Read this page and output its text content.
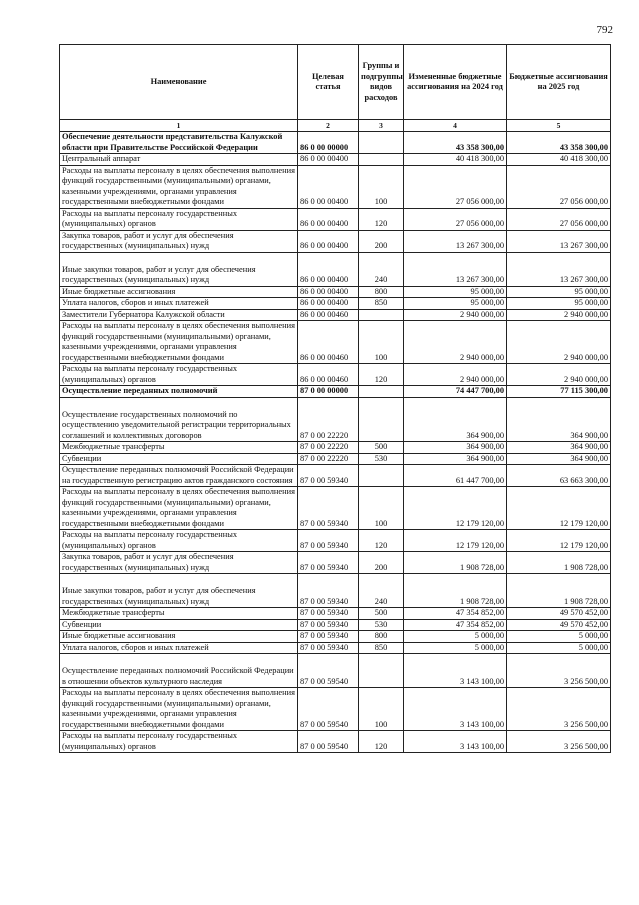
792
Наименование	Целевая статья	Группы и подгруппы видов расходов	Измененные бюджетные ассигнования на 2024 год	Бюджетные ассигнования на 2025 год
1	2	3	4	5
Обеспечение деятельности представительства Калужской области при Правительстве Российской Федерации	86 0 00 00000		43 358 300,00	43 358 300,00
Центральный аппарат	86 0 00 00400		40 418 300,00	40 418 300,00
Расходы на выплаты персоналу в целях обеспечения выполнения функций государственными (муниципальными) органами, казенными учреждениями, органами управления государственными внебюджетными фондами	86 0 00 00400	100	27 056 000,00	27 056 000,00
Расходы на выплаты персоналу государственных (муниципальных) органов	86 0 00 00400	120	27 056 000,00	27 056 000,00
Закупка товаров, работ и услуг для обеспечения государственных (муниципальных) нужд	86 0 00 00400	200	13 267 300,00	13 267 300,00
Иные закупки товаров, работ и услуг для обеспечения государственных (муниципальных) нужд	86 0 00 00400	240	13 267 300,00	13 267 300,00
Иные бюджетные ассигнования	86 0 00 00400	800	95 000,00	95 000,00
Уплата налогов, сборов и иных платежей	86 0 00 00400	850	95 000,00	95 000,00
Заместители Губернатора Калужской области	86 0 00 00460		2 940 000,00	2 940 000,00
Расходы на выплаты персоналу в целях обеспечения выполнения функций государственными (муниципальными) органами, казенными учреждениями, органами управления государственными внебюджетными фондами	86 0 00 00460	100	2 940 000,00	2 940 000,00
Расходы на выплаты персоналу государственных (муниципальных) органов	86 0 00 00460	120	2 940 000,00	2 940 000,00
Осуществление переданных полномочий	87 0 00 00000		74 447 700,00	77 115 300,00
Осуществление государственных полномочий по осуществлению уведомительной регистрации территориальных соглашений и коллективных договоров	87 0 00 22220		364 900,00	364 900,00
Межбюджетные трансферты	87 0 00 22220	500	364 900,00	364 900,00
Субвенции	87 0 00 22220	530	364 900,00	364 900,00
Осуществление переданных полномочий Российской Федерации на государственную регистрацию актов гражданского состояния	87 0 00 59340		61 447 700,00	63 663 300,00
Расходы на выплаты персоналу в целях обеспечения выполнения функций государственными (муниципальными) органами, казенными учреждениями, органами управления государственными внебюджетными фондами	87 0 00 59340	100	12 179 120,00	12 179 120,00
Расходы на выплаты персоналу государственных (муниципальных) органов	87 0 00 59340	120	12 179 120,00	12 179 120,00
Закупка товаров, работ и услуг для обеспечения государственных (муниципальных) нужд	87 0 00 59340	200	1 908 728,00	1 908 728,00
Иные закупки товаров, работ и услуг для обеспечения государственных (муниципальных) нужд	87 0 00 59340	240	1 908 728,00	1 908 728,00
Межбюджетные трансферты	87 0 00 59340	500	47 354 852,00	49 570 452,00
Субвенции	87 0 00 59340	530	47 354 852,00	49 570 452,00
Иные бюджетные ассигнования	87 0 00 59340	800	5 000,00	5 000,00
Уплата налогов, сборов и иных платежей	87 0 00 59340	850	5 000,00	5 000,00
Осуществление переданных полномочий Российской Федерации в отношении объектов культурного наследия	87 0 00 59540		3 143 100,00	3 256 500,00
Расходы на выплаты персоналу в целях обеспечения выполнения функций государственными (муниципальными) органами, казенными учреждениями, органами управления государственными внебюджетными фондами	87 0 00 59540	100	3 143 100,00	3 256 500,00
Расходы на выплаты персоналу государственных (муниципальных) органов	87 0 00 59540	120	3 143 100,00	3 256 500,00
